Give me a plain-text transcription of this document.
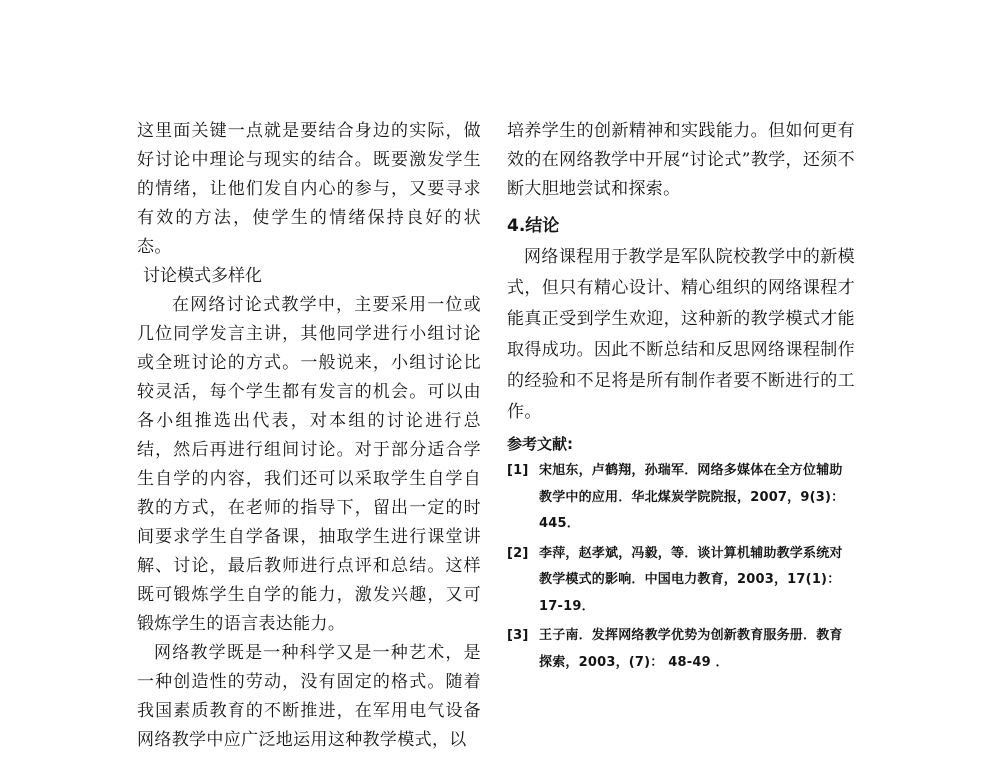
这里面关键一点就是要结合身边的实际，做好讨论中理论与现实的结合。既要激发学生的情绪，让他们发自内心的参与，又要寻求有效的方法，使学生的情绪保持良好的状态。

讨论模式多样化

在网络讨论式教学中，主要采用一位或几位同学发言主讲，其他同学进行小组讨论或全班讨论的方式。一般说来，小组讨论比较灵活，每个学生都有发言的机会。可以由各小组推选出代表，对本组的讨论进行总结，然后再进行组间讨论。对于部分适合学生自学的内容，我们还可以采取学生自学自教的方式，在老师的指导下，留出一定的时间要求学生自学备课，抽取学生进行课堂讲解、讨论，最后教师进行点评和总结。这样既可锻炼学生自学的能力，激发兴趣，又可锻炼学生的语言表达能力。

网络教学既是一种科学又是一种艺术，是一种创造性的劳动，没有固定的格式。随着我国素质教育的不断推进，在军用电气设备网络教学中应广泛地运用这种教学模式，以

培养学生的创新精神和实践能力。但如何更有效的在网络教学中开展“讨论式”教学，还须不断大胆地尝试和探索。

4.结论

网络课程用于教学是军队院校教学中的新模式，但只有精心设计、精心组织的网络课程才能真正受到学生欢迎，这种新的教学模式才能取得成功。因此不断总结和反思网络课程制作的经验和不足将是所有制作者要不断进行的工作。

参考文献:
[1] 宋旭东，卢鹤翔，孙瑞军．网络多媒体在全方位辅助教学中的应用．华北煤炭学院院报，2007，9(3)：445．
[2] 李萍，赵孝斌，冯毅，等．谈计算机辅助教学系统对教学模式的影响．中国电力教育，2003，17(1)：17-19．
[3] 王子南．发挥网络教学优势为创新教育服务册．教育探索，2003，(7)： 48-49 ．
